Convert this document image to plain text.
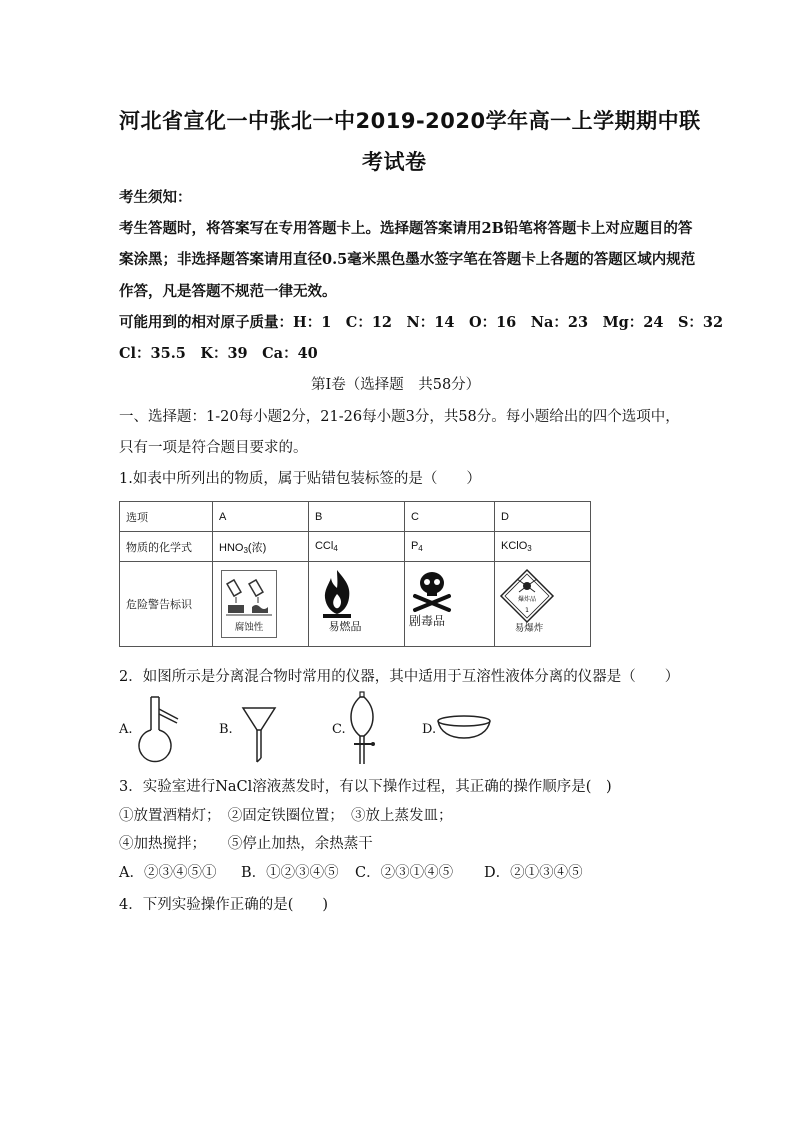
河北省宣化一中张北一中2019-2020学年高一上学期期中联
考试卷
考生须知：
考生答题时，将答案写在专用答题卡上。选择题答案请用2B铅笔将答题卡上对应题目的答
案涂黑；非选择题答案请用直径0.5毫米黑色墨水签字笔在答题卡上各题的答题区域内规范
作答，凡是答题不规范一律无效。
可能用到的相对原子质量：H：1　C：12　N：14　O：16　Na：23　Mg：24　S：32
Cl：35.5　K：39　Ca：40
第Ⅰ卷（选择题　共58分）
一、选择题：1-20每小题2分，21-26每小题3分，共58分。每小题给出的四个选项中，
只有一项是符合题目要求的。
1.如表中所列出的物质，属于贴错包装标签的是（　　）
选项	A	B	C	D
物质的化学式	$HNO_3$(浓)	CCl$_4$	$P_4$	KClO$_3$
危险警告标识	腐蚀性	易燃品	剧毒品	爆炸品
1
易爆炸
2．如图所示是分离混合物时常用的仪器，其中适用于互溶性液体分离的仪器是（　　）
A.	B.	C.	D.
3．实验室进行NaCl溶液蒸发时，有以下操作过程，其正确的操作顺序是(　)
①放置酒精灯；　②固定铁圈位置；　③放上蒸发皿；
④加热搅拌；　　⑤停止加热，余热蒸干
A．②③④⑤① B．①②③④⑤ C．②③①④⑤ D．②①③④⑤
4．下列实验操作正确的是(　　)
